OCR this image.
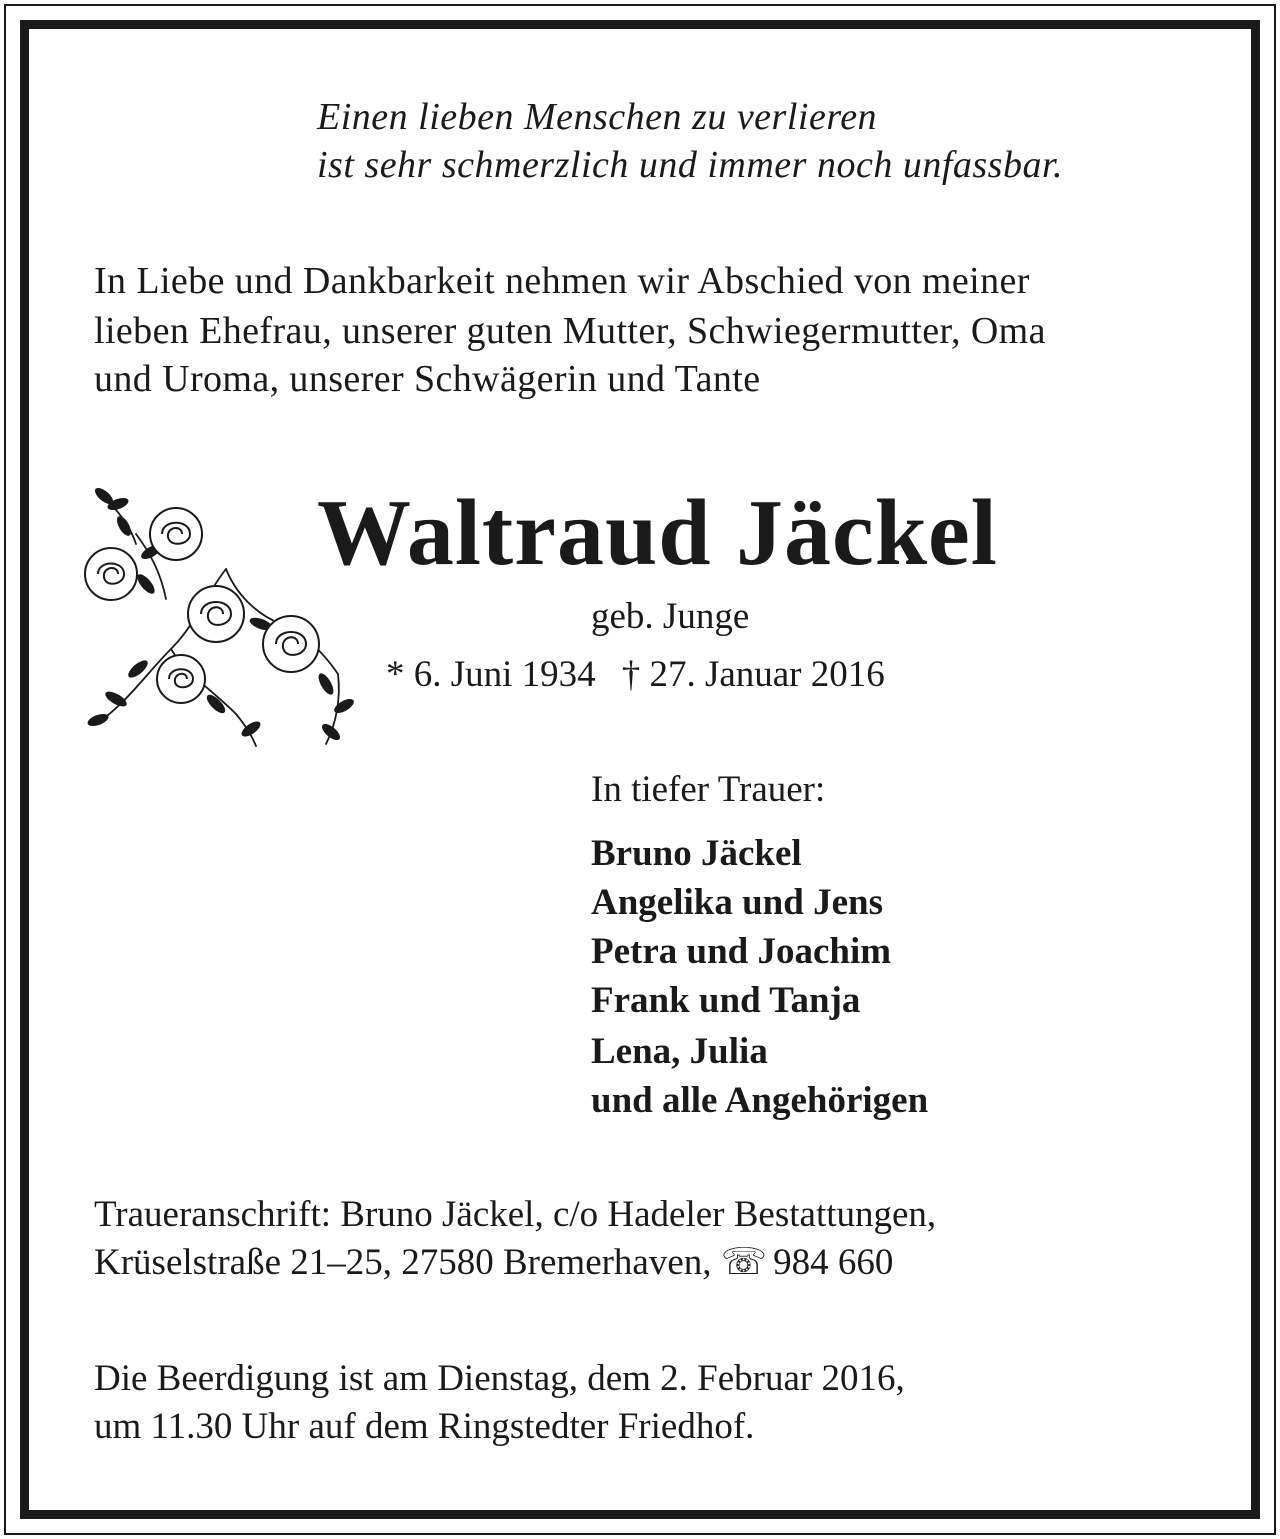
Einen lieben Menschen zu verlieren
ist sehr schmerzlich und immer noch unfassbar.
In Liebe und Dankbarkeit nehmen wir Abschied von meiner
lieben Ehefrau, unserer guten Mutter, Schwiegermutter, Oma
und Uroma, unserer Schwägerin und Tante
Waltraud Jäckel
geb. Junge
* 6. Juni 1934 † 27. Januar 2016
In tiefer Trauer:
Bruno Jäckel
Angelika und Jens
Petra und Joachim
Frank und Tanja
Lena, Julia
und alle Angehörigen
Traueranschrift: Bruno Jäckel, c/o Hadeler Bestattungen,
Krüselstraße 21–25, 27580 Bremerhaven, ☏ 984 660
Die Beerdigung ist am Dienstag, dem 2. Februar 2016,
um 11.30 Uhr auf dem Ringstedter Friedhof.
